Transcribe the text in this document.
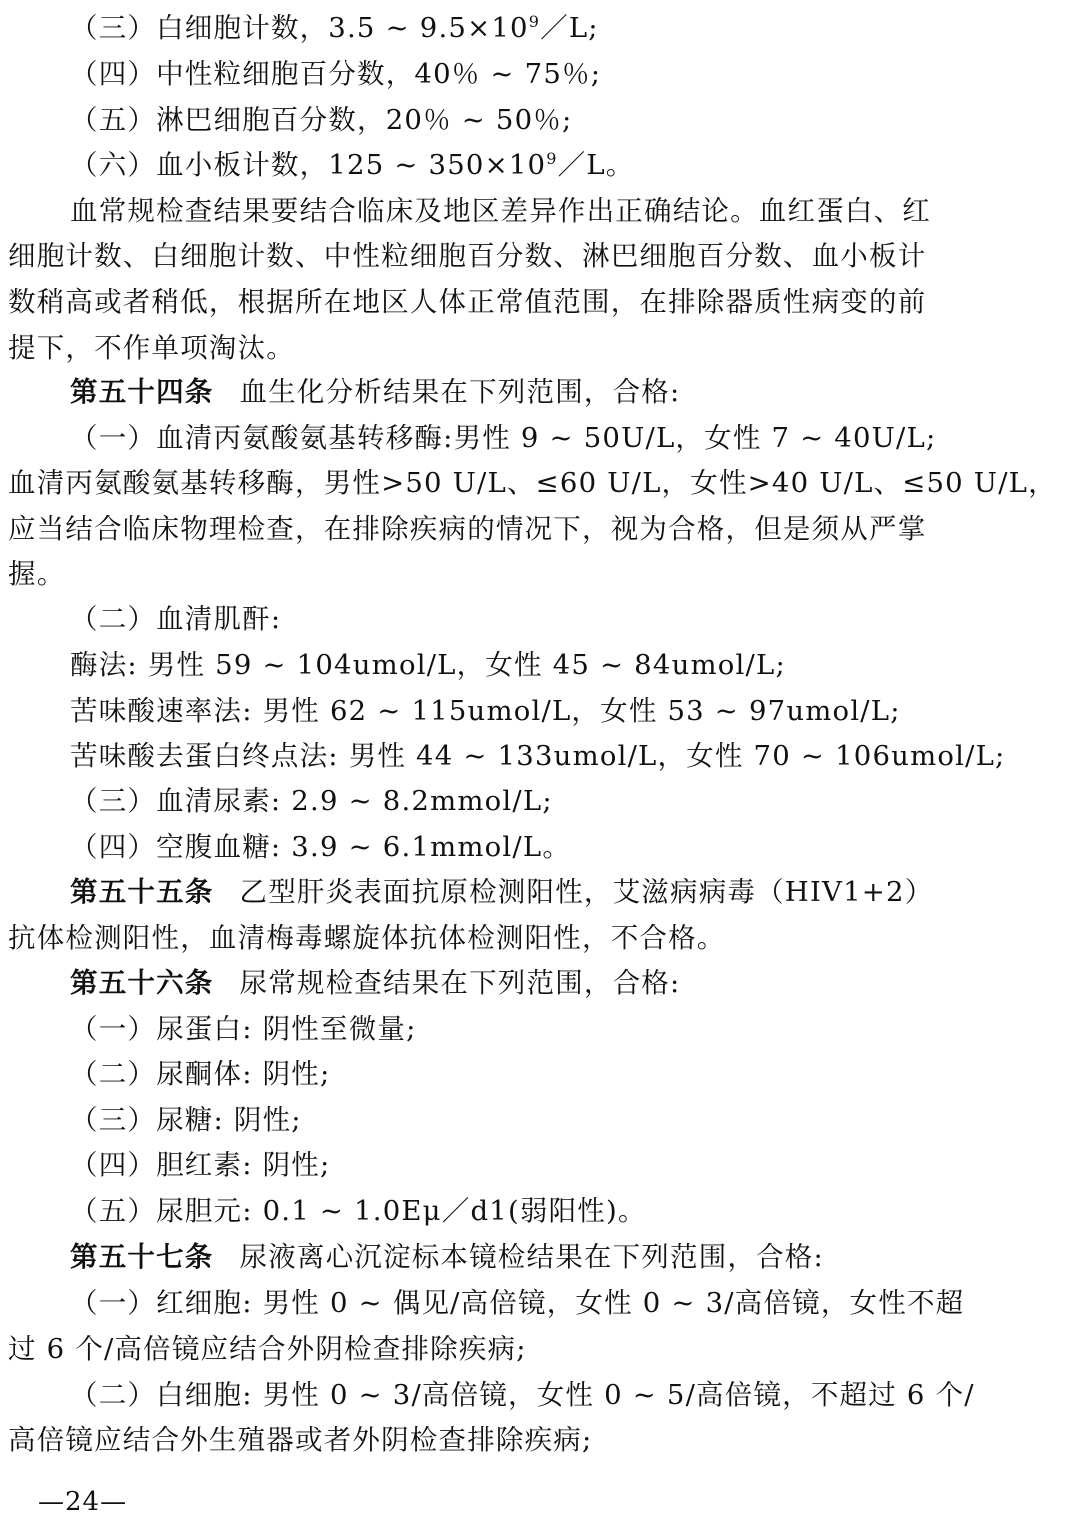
（三）白细胞计数，3.5 ~ $9.5\times 10^9/L$;
（四）中性粒细胞百分数，40％ ~ 75％;
（五）淋巴细胞百分数，20％ ~ 50％;
（六）血小板计数，125 ~ $350\times 10^9/L$。
血常规检查结果要结合临床及地区差异作出正确结论。血红蛋白、红
细胞计数、白细胞计数、中性粒细胞百分数、淋巴细胞百分数、血小板计
数稍高或者稍低，根据所在地区人体正常值范围，在排除器质性病变的前
提下，不作单项淘汰。
第五十四条 血生化分析结果在下列范围，合格:
（一）血清丙氨酸氨基转移酶:男性 9 ~ 50U/L，女性 7 ~ 40U/L;
血清丙氨酸氨基转移酶，男性>50 U/L、≤60 U/L，女性>40 U/L、≤50 U/L，
应当结合临床物理检查，在排除疾病的情况下，视为合格，但是须从严掌
握。
（二）血清肌酐:
酶法: 男性 59 ~ 104umol/L，女性 45 ~ 84umol/L;
苦味酸速率法: 男性 62 ~ 115umol/L，女性 53 ~ 97umol/L;
苦味酸去蛋白终点法: 男性 44 ~ 133umol/L，女性 70 ~ 106umol/L;
（三）血清尿素: 2.9 ~ 8.2mmol/L;
（四）空腹血糖: 3.9 ~ 6.1mmol/L。
第五十五条 乙型肝炎表面抗原检测阳性，艾滋病病毒（HIV1+2）
抗体检测阳性，血清梅毒螺旋体抗体检测阳性，不合格。
第五十六条 尿常规检查结果在下列范围，合格:
（一）尿蛋白: 阴性至微量;
（二）尿酮体: 阴性;
（三）尿糖: 阴性;
（四）胆红素: 阴性;
（五）尿胆元: 0.1 ~ 1.0Eμ／d1(弱阳性)。
第五十七条 尿液离心沉淀标本镜检结果在下列范围，合格:
（一）红细胞: 男性 0 ~ 偶见/高倍镜，女性 0 ~ 3/高倍镜，女性不超
过 6 个/高倍镜应结合外阴检查排除疾病;
（二）白细胞: 男性 0 ~ 3/高倍镜，女性 0 ~ 5/高倍镜，不超过 6 个/
高倍镜应结合外生殖器或者外阴检查排除疾病;
—24—
